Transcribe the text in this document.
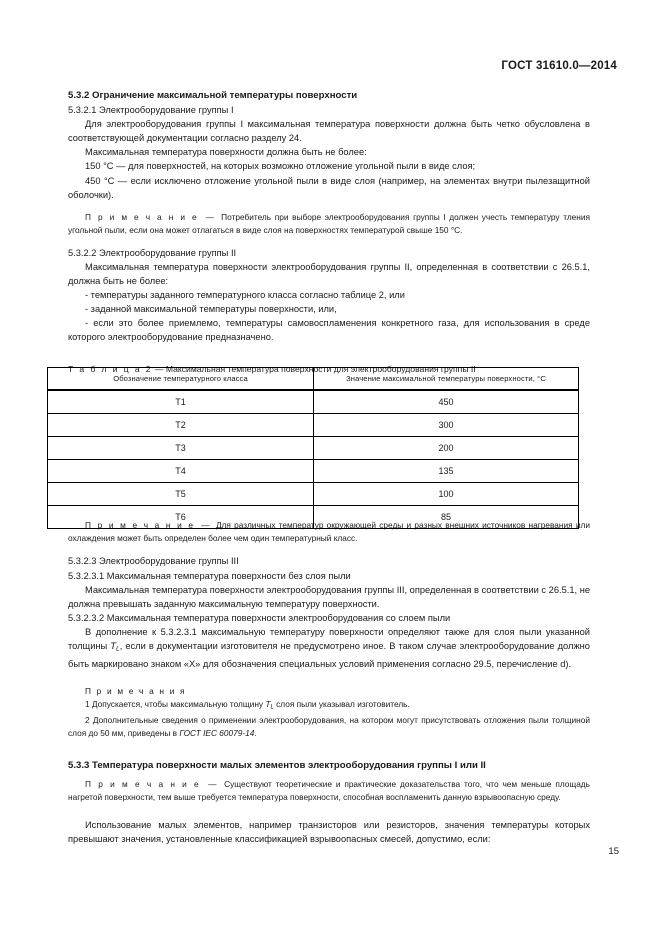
ГОСТ 31610.0—2014

5.3.2 Ограничение максимальной температуры поверхности

5.3.2.1 Электрооборудование группы I

Для электрооборудования группы I максимальная температура поверхности должна быть четко обусловлена в соответствующей документации согласно разделу 24.

Максимальная температура поверхности должна быть не более:

150 °С — для поверхностей, на которых возможно отложение угольной пыли в виде слоя;

450 °С — если исключено отложение угольной пыли в виде слоя (например, на элементах внутри пылезащитной оболочки).

П р и м е ч а н и е — Потребитель при выборе электрооборудования группы I должен учесть температуру тления угольной пыли, если она может отлагаться в виде слоя на поверхностях температурой свыше 150 °С.

5.3.2.2 Электрооборудование группы II

Максимальная температура поверхности электрооборудования группы II, определенная в соответствии с 26.5.1, должна быть не более:

- температуры заданного температурного класса согласно таблице 2, или

- заданной максимальной температуры поверхности, или,

- если это более приемлемо, температуры самовоспламенения конкретного газа, для использования в среде которого электрооборудование предназначено.

Т а б л и ц а 2 — Максимальная температура поверхности для электрооборудования группы II

П р и м е ч а н и е — Для различных температур окружающей среды и разных внешних источников нагревания или охлаждения может быть определен более чем один температурный класс.

5.3.2.3 Электрооборудование группы III

5.3.2.3.1 Максимальная температура поверхности без слоя пыли

Максимальная температура поверхности электрооборудования группы III, определенная в соответствии с 26.5.1, не должна превышать заданную максимальную температуру поверхности.

5.3.2.3.2 Максимальная температура поверхности электрооборудования со слоем пыли

В дополнение к 5.3.2.3.1 максимальную температуру поверхности определяют также для слоя пыли указанной толщины $T_L$, если в документации изготовителя не предусмотрено иное. В таком случае электрооборудование должно быть маркировано знаком «Х» для обозначения специальных условий применения согласно 29.5, перечисление d).

П р и м е ч а н и я

1 Допускается, чтобы максимальную толщину $T_L$ слоя пыли указывал изготовитель.

2 Дополнительные сведения о применении электрооборудования, на котором могут присутствовать отложения пыли толщиной слоя до 50 мм, приведены в ГОСТ IEC 60079-14.

5.3.3 Температура поверхности малых элементов электрооборудования группы I или II

П р и м е ч а н и е — Существуют теоретические и практические доказательства того, что чем меньше площадь нагретой поверхности, тем выше требуется температура поверхности, способная воспламенить данную взрывоопасную среду.

Использование малых элементов, например транзисторов или резисторов, значения температуры которых превышают значения, установленные классификацией взрывоопасных смесей, допустимо, если:

Обозначение температурного класса	Значение максимальной температуры поверхности, °С
Т1	450
Т2	300
Т3	200
Т4	135
Т5	100
Т6	85
15
